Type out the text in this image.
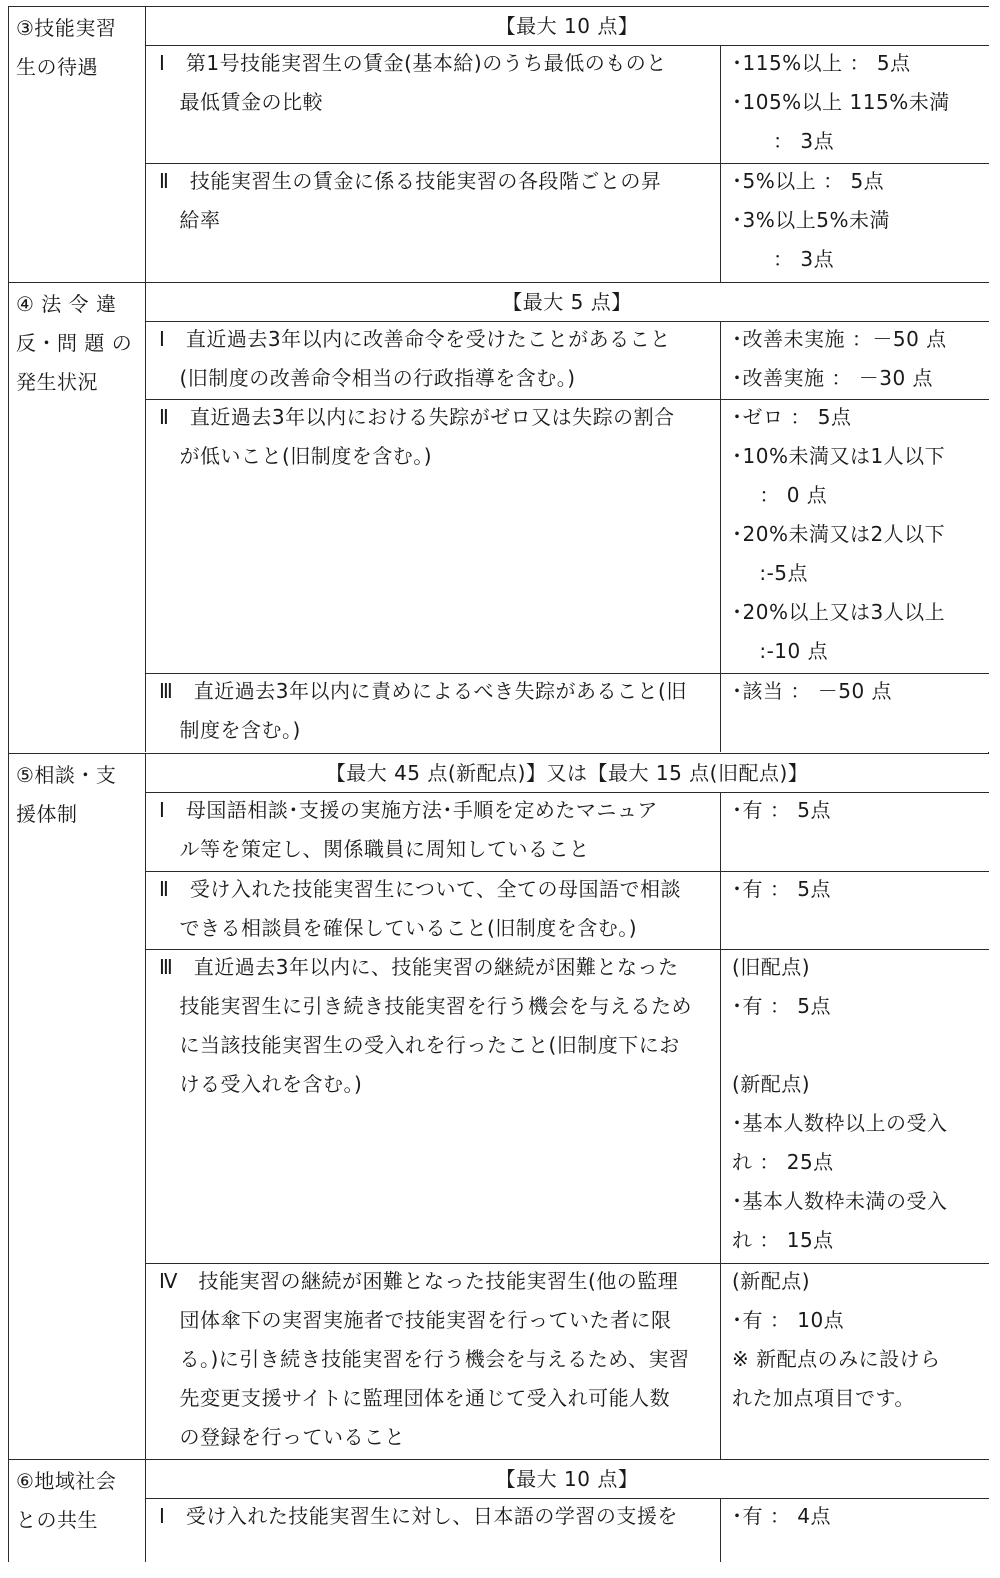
③技能実習
生の待遇
【最大 10 点】
Ⅰ　第1号技能実習生の賃金(基本給)のうち最低のものと
　最低賃金の比較
･115%以上 ： 5点
･105%以上 115%未満
　　： 3点
Ⅱ　技能実習生の賃金に係る技能実習の各段階ごとの昇
　給率
･5%以上 ： 5点
･3%以上5%未満
　　： 3点
④ 法 令 違
反・問 題 の
発生状況
【最大 5 点】
Ⅰ　直近過去3年以内に改善命令を受けたことがあること
　(旧制度の改善命令相当の行政指導を含む。)
･改善未実施 ：－50 点
･改善実施 ： －30 点
Ⅱ　直近過去3年以内における失踪がゼロ又は失踪の割合
　が低いこと(旧制度を含む。)
･ゼロ ： 5点
･10%未満又は1人以下
　 ： 0 点
･20%未満又は2人以下
　 :-5点
･20%以上又は3人以上
　 :-10 点
Ⅲ　直近過去3年以内に責めによるべき失踪があること(旧
　制度を含む。)
･該当 ： －50 点
⑤相談・支
援体制
【最大 45 点(新配点)】又は【最大 15 点(旧配点)】
Ⅰ　母国語相談･支援の実施方法･手順を定めたマニュア
　ル等を策定し、関係職員に周知していること
･有 ： 5点
Ⅱ　受け入れた技能実習生について、全ての母国語で相談
　できる相談員を確保していること(旧制度を含む。)
･有 ： 5点
Ⅲ　直近過去3年以内に、技能実習の継続が困難となった
　技能実習生に引き続き技能実習を行う機会を与えるため
　に当該技能実習生の受入れを行ったこと(旧制度下にお
　ける受入れを含む。)
(旧配点)
･有 ： 5点
(新配点)
･基本人数枠以上の受入
れ ： 25点
･基本人数枠未満の受入
れ ： 15点
Ⅳ　技能実習の継続が困難となった技能実習生(他の監理
　団体傘下の実習実施者で技能実習を行っていた者に限
　る。)に引き続き技能実習を行う機会を与えるため、実習
　先変更支援サイトに監理団体を通じて受入れ可能人数
　の登録を行っていること
(新配点)
･有 ： 10点
※ 新配点のみに設けら
れた加点項目です。
⑥地域社会
との共生
【最大 10 点】
Ⅰ　受け入れた技能実習生に対し、日本語の学習の支援を	･有 ： 4点
